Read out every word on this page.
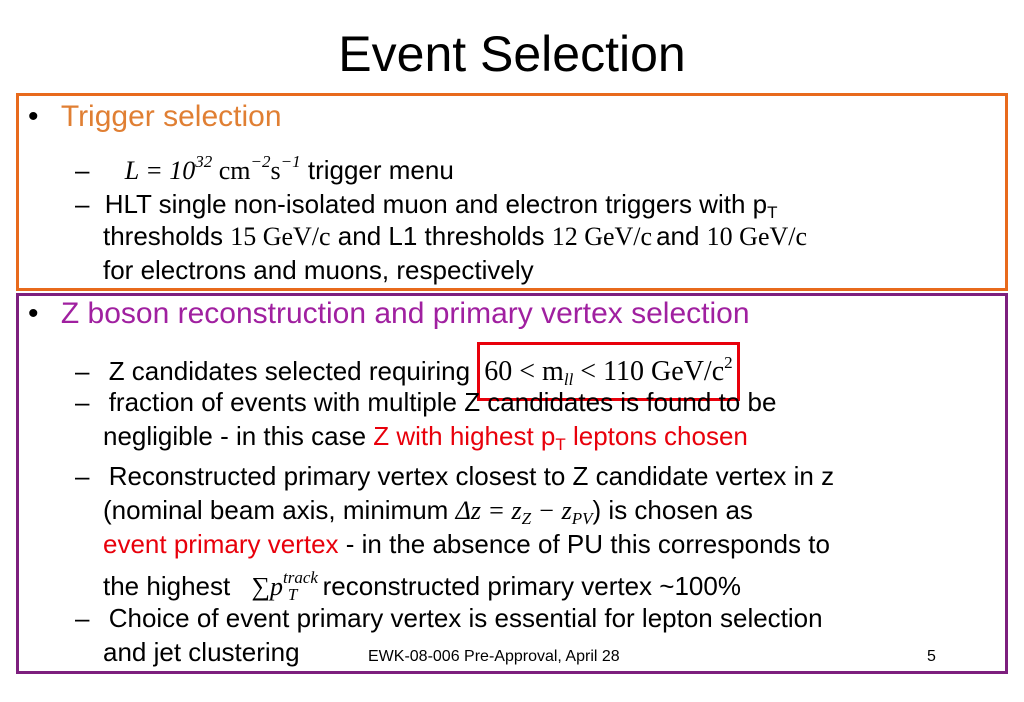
Event Selection
• Trigger selection
– $L = 10^{32}$ $cm^{-2}s^{-1}$ trigger menu
– HLT single non-isolated muon and electron triggers with $p_T$
thresholds 15 GeV/c and L1 thresholds 12 GeV/c and 10 GeV/c
for electrons and muons, respectively
• Z boson reconstruction and primary vertex selection
– Z candidates selected requiring $60 < m_{ll} < 110$ GeV/$c^2$
– fraction of events with multiple Z candidates is found to be
negligible - in this case Z with highest $p_T$ leptons chosen
– Reconstructed primary vertex closest to Z candidate vertex in z
(nominal beam axis, minimum $\Delta z = z_Z - z_{PV}$) is chosen as
event primary vertex - in the absence of PU this corresponds to
the highest $\sum p^{track}_T$ reconstructed primary vertex ~100%
– Choice of event primary vertex is essential for lepton selection
and jet clustering	EWK-08-006 Pre-Approval, April 28	5
